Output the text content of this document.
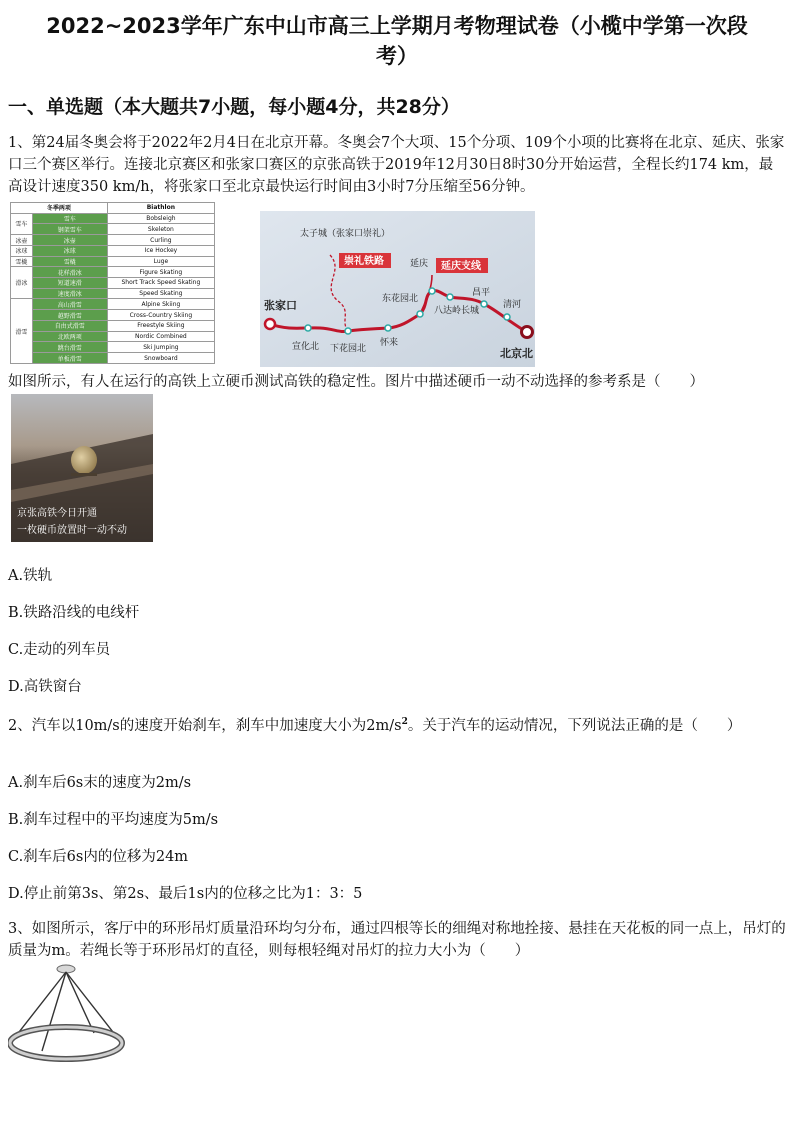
2022~2023学年广东中山市高三上学期月考物理试卷（小榄中学第一次段
考）
一、单选题（本大题共7小题，每小题4分，共28分）
1、第24届冬奥会将于2022年2月4日在北京开幕。冬奥会7个大项、15个分项、109个小项的比赛将在北京、延庆、张家口三个赛区举行。连接北京赛区和张家口赛区的京张高铁于2019年12月30日8时30分开始运营，全程长约174 km，最高设计速度350 km/h，将张家口至北京最快运行时间由3小时7分压缩至56分钟。
冬季两项		Biathlon
雪车	雪车	Bobsleigh
	钢架雪车	Skeleton
冰壶	冰壶	Curling
冰球	冰球	Ice Hockey
雪橇	雪橇	Luge
滑冰	花样滑冰	Figure Skating
	短道速滑	Short Track Speed Skating
	速度滑冰	Speed Skating
滑雪	高山滑雪	Alpine Skiing
	越野滑雪	Cross-Country Skiing
	自由式滑雪	Freestyle Skiing
	北欧两项	Nordic Combined
	跳台滑雪	Ski Jumping
	单板滑雪	Snowboard
太子城（张家口崇礼）
崇礼铁路	延庆 延庆支线
张家口
宣化北 下花园北
怀来
东花园北
八达岭长城
昌平
清河
北京北
如图所示，有人在运行的高铁上立硬币测试高铁的稳定性。图片中描述硬币一动不动选择的参考系是（　　）
京张高铁今日开通
一枚硬币放置时一动不动
A.铁轨
B.铁路沿线的电线杆
C.走动的列车员
D.高铁窗台
2、汽车以10m/s的速度开始刹车，刹车中加速度大小为$2m/s^2$。关于汽车的运动情况，下列说法正确的是（　　）
A.刹车后6s末的速度为2m/s
B.刹车过程中的平均速度为5m/s
C.刹车后6s内的位移为24m
D.停止前第3s、第2s、最后1s内的位移之比为1：3：5
3、如图所示，客厅中的环形吊灯质量沿环均匀分布，通过四根等长的细绳对称地拴接、悬挂在天花板的同一点上，吊灯的质量为m。若绳长等于环形吊灯的直径，则每根轻绳对吊灯的拉力大小为（　　）
